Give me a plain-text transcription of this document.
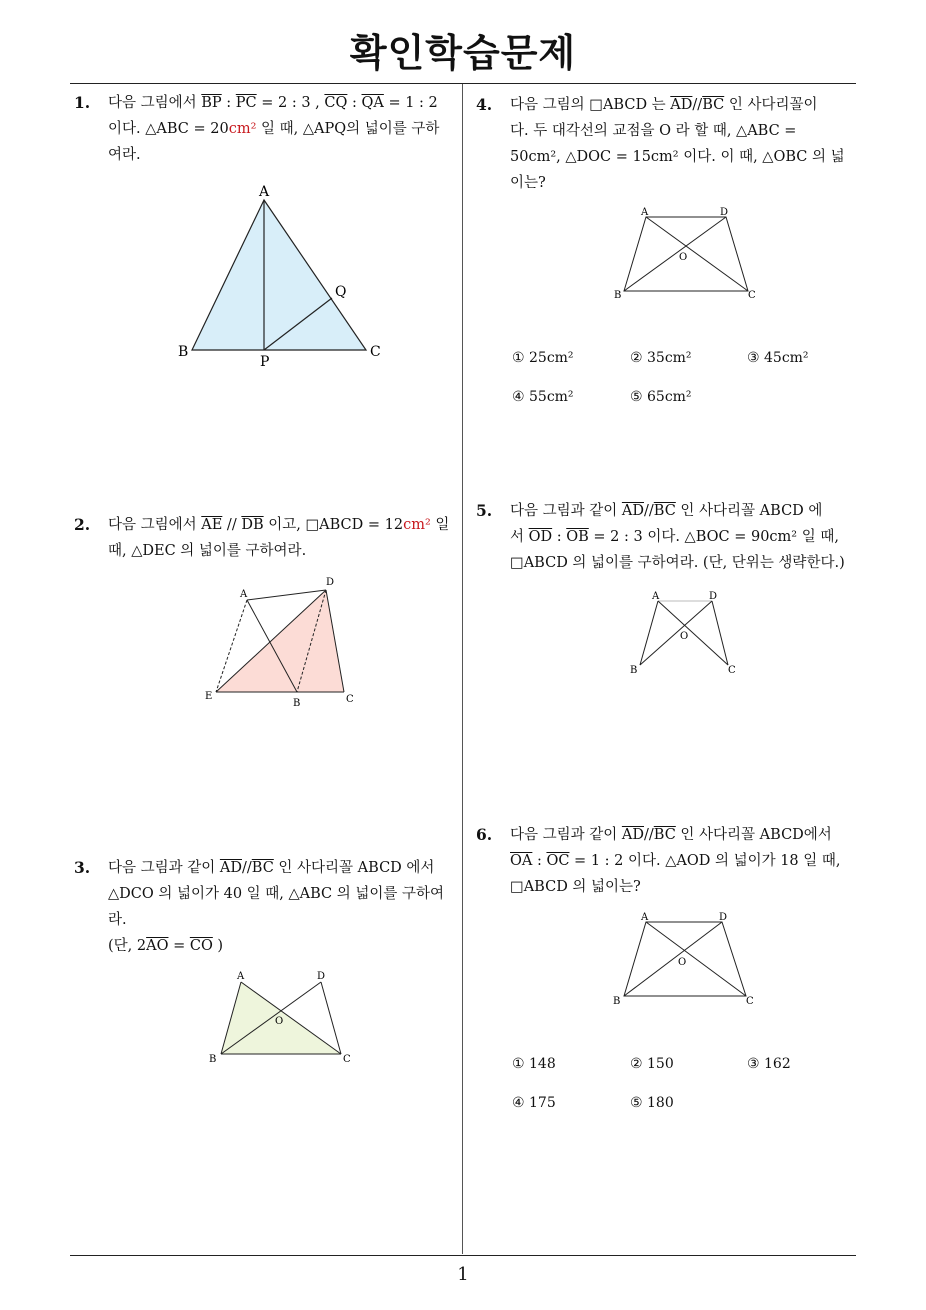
확인학습문제
1. 다음 그림에서 $\overline{BP}$ : $\overline{PC} = 2$ : 3 , $\overline{CQ}$ : $\overline{QA} = 1$ : 2
이다. △ABC = 20cm² 일 때, △APQ의 넓이를 구하
여라.
A
B	C
P
Q
2. 다음 그림에서 $\overline{AE} // \overline{DB}$ 이고, □ABCD = 12cm² 일
때, △DEC 의 넓이를 구하여라.
A
D
E
B	C
3. 다음 그림과 같이 $\overline{AD}//\overline{BC}$ 인 사다리꼴 ABCD 에서
△DCO 의 넓이가 40 일 때, △ABC 의 넓이를 구하여
라.
(단, $2\overline{AO} = \overline{CO}$ )
A	D
B	C
O
4. 다음 그림의 □ABCD 는 $\overline{AD}//\overline{BC}$ 인 사다리꼴이
다. 두 대각선의 교점을 O 라 할 때, △ABC =
50cm², △DOC = 15cm² 이다. 이 때, △OBC 의 넓
이는?
A	D
B	C
O
① 25cm²	② 35cm²	③ 45cm²
④ 55cm²	⑤ 65cm²
5. 다음 그림과 같이 $\overline{AD}//\overline{BC}$ 인 사다리꼴 ABCD 에
서 $\overline{OD}$ : $\overline{OB} = 2$ : 3 이다. △BOC = 90cm² 일 때,
□ABCD 의 넓이를 구하여라. (단, 단위는 생략한다.)
A	D
B	C
O
6. 다음 그림과 같이 $\overline{AD}//\overline{BC}$ 인 사다리꼴 ABCD에서
$\overline{OA}$ : $\overline{OC} = 1$ : 2 이다. △AOD 의 넓이가 18 일 때,
□ABCD 의 넓이는?
A	D
B	C
O
① 148	② 150	③ 162
④ 175	⑤ 180
1
